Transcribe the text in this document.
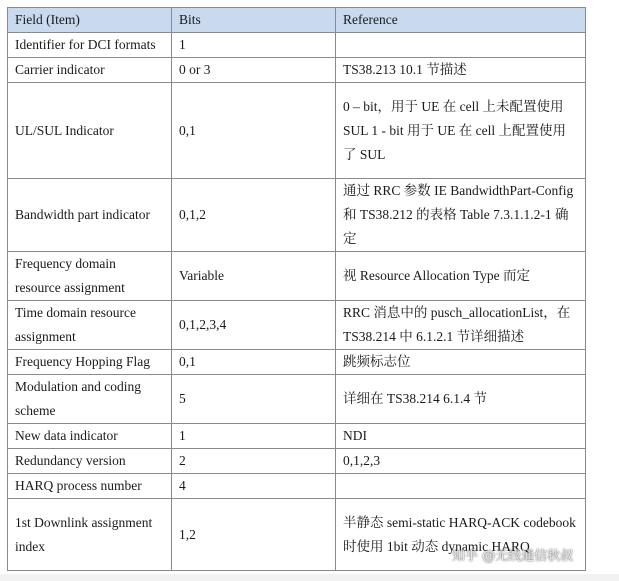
Field (Item)	Bits	Reference
Identifier for DCI formats	1	
Carrier indicator	0 or 3	TS38.213 10.1 节描述
UL/SUL Indicator	0,1	0 – bit，用于 UE 在 cell 上未配置使用 SUL 1 - bit 用于 UE 在 cell 上配置使用了 SUL
Bandwidth part indicator	0,1,2	通过 RRC 参数 IE BandwidthPart-Config 和 TS38.212 的表格 Table 7.3.1.1.2-1 确定
Frequency domain resource assignment	Variable	视 Resource Allocation Type 而定
Time domain resource assignment	0,1,2,3,4	RRC 消息中的 pusch_allocationList，在 TS38.214 中 6.1.2.1 节详细描述
Frequency Hopping Flag	0,1	跳频标志位
Modulation and coding scheme	5	详细在 TS38.214 6.1.4 节
New data indicator	1	NDI
Redundancy version	2	0,1,2,3
HARQ process number	4	
1st Downlink assignment index	1,2	半静态 semi-static HARQ-ACK codebook 时使用 1bit 动态 dynamic HARQ
知乎 @无线通信秋叔
